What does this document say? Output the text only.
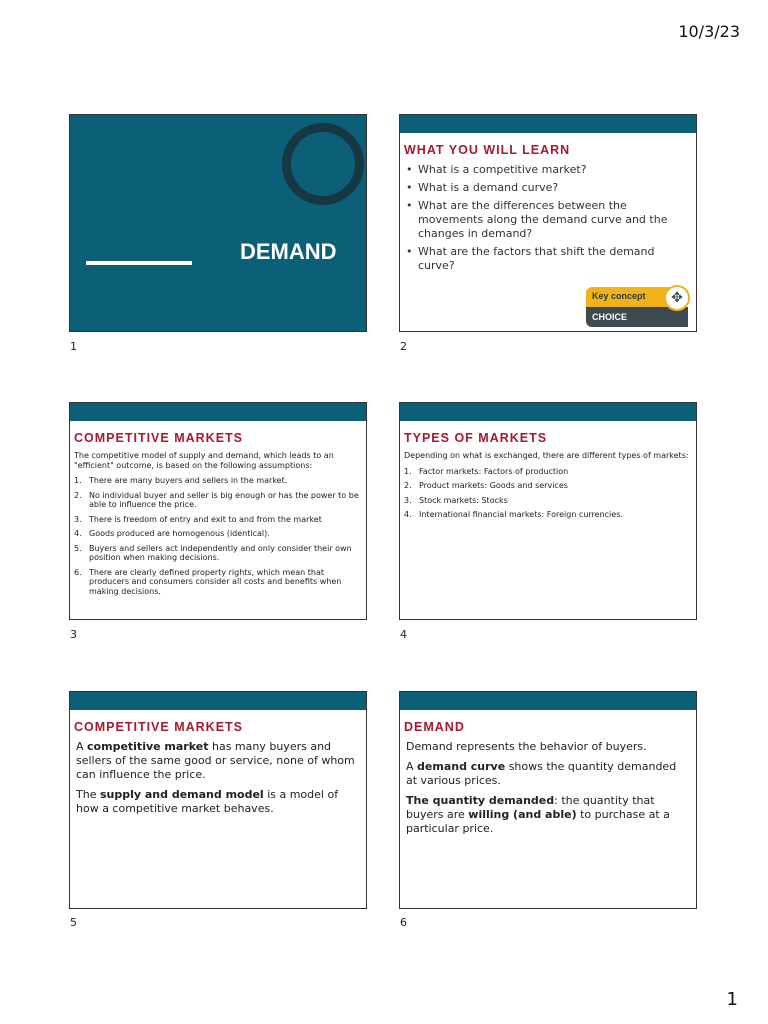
10/3/23
DEMAND
1
WHAT YOU WILL LEARN
• What is a competitive market?
• What is a demand curve?
• What are the differences between the movements along the demand curve and the changes in demand?
• What are the factors that shift the demand curve?
Key concept
CHOICE
✥
2
COMPETITIVE MARKETS
The competitive model of supply and demand, which leads to an "efficient" outcome, is based on the following assumptions:
1. There are many buyers and sellers in the market.
2. No individual buyer and seller is big enough or has the power to be able to influence the price.
3. There is freedom of entry and exit to and from the market
4. Goods produced are homogenous (identical).
5. Buyers and sellers act independently and only consider their own position when making decisions.
6. There are clearly defined property rights, which mean that producers and consumers consider all costs and benefits when making decisions.
3
TYPES OF MARKETS
Depending on what is exchanged, there are different types of markets:
1. Factor markets: Factors of production
2. Product markets: Goods and services
3. Stock markets: Stocks
4. International financial markets: Foreign currencies.
4
COMPETITIVE MARKETS

A competitive market has many buyers and sellers of the same good or service, none of whom can influence the price.

The supply and demand model is a model of how a competitive market behaves.

5
DEMAND

Demand represents the behavior of buyers.

A demand curve shows the quantity demanded at various prices.

The quantity demanded: the quantity that buyers are willing (and able) to purchase at a particular price.

6
1
